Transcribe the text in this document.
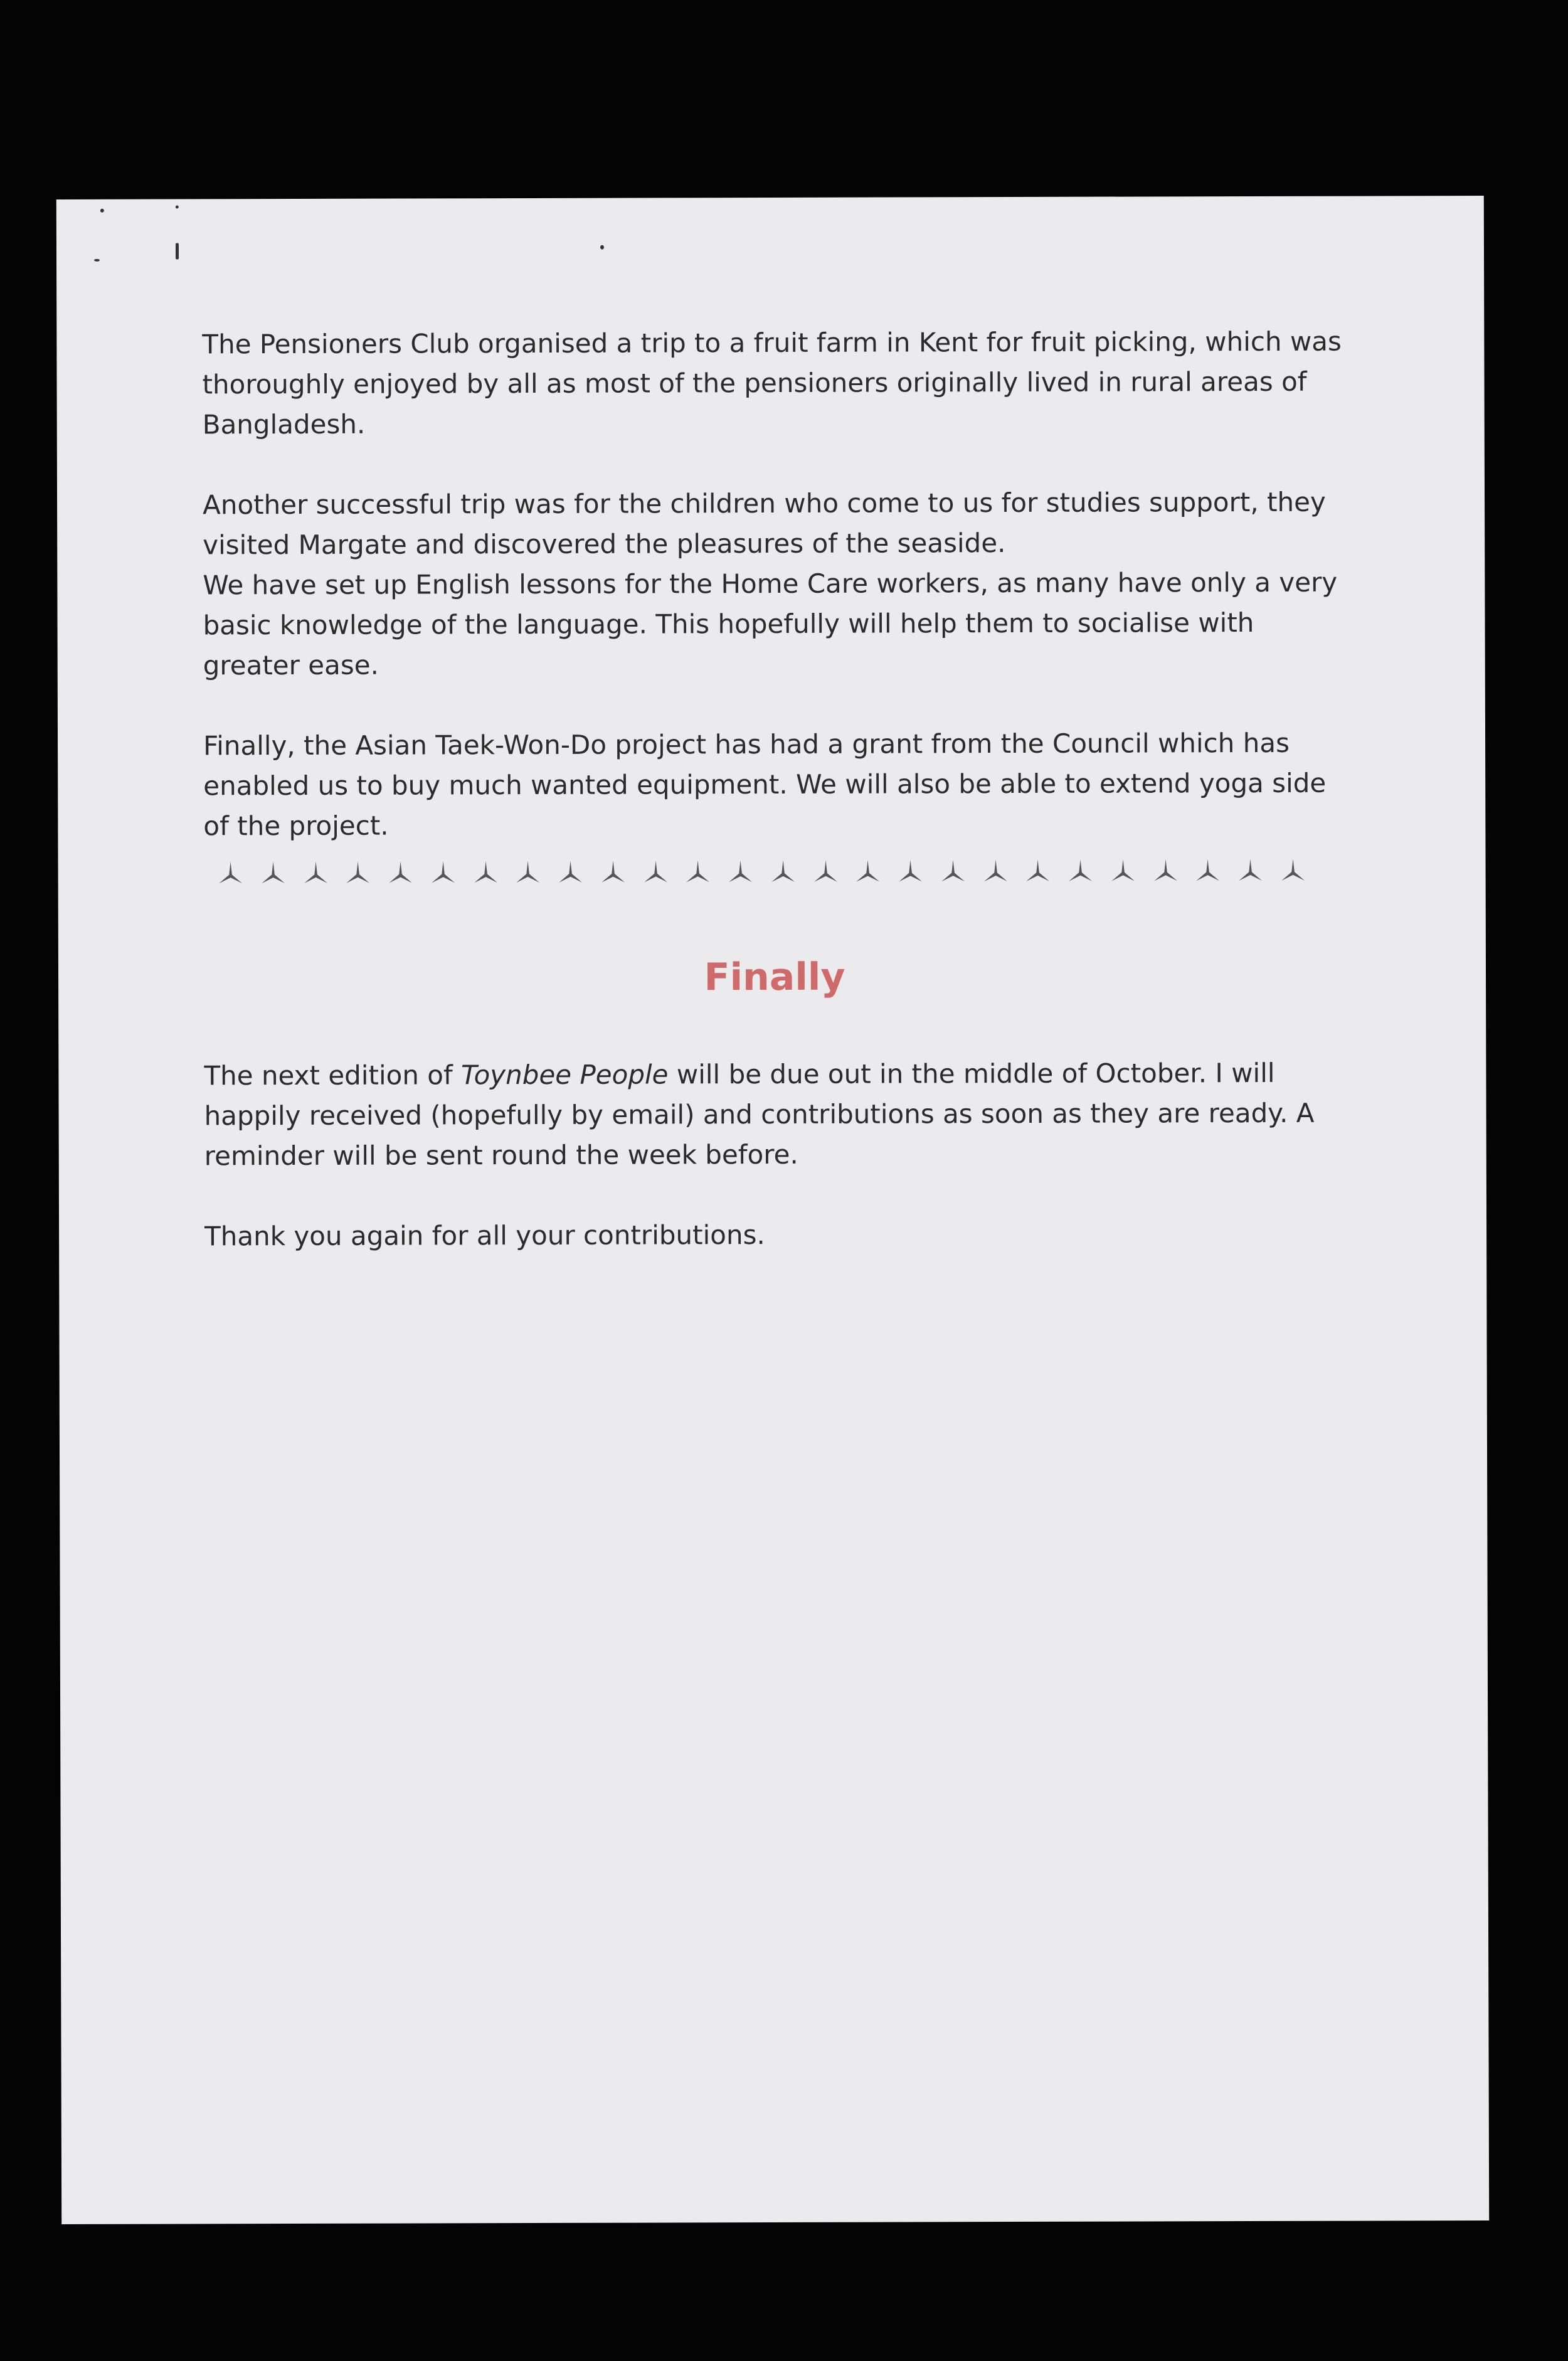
The Pensioners Club organised a trip to a fruit farm in Kent for fruit picking, which was thoroughly enjoyed by all as most of the pensioners originally lived in rural areas of Bangladesh.

Another successful trip was for the children who come to us for studies support, they visited Margate and discovered the pleasures of the seaside.

We have set up English lessons for the Home Care workers, as many have only a very basic knowledge of the language. This hopefully will help them to socialise with greater ease.

Finally, the Asian Taek-Won-Do project has had a grant from the Council which has enabled us to buy much wanted equipment. We will also be able to extend yoga side of the project.

Finally

The next edition of Toynbee People will be due out in the middle of October. I will happily received (hopefully by email) and contributions as soon as they are ready. A reminder will be sent round the week before.

Thank you again for all your contributions.
